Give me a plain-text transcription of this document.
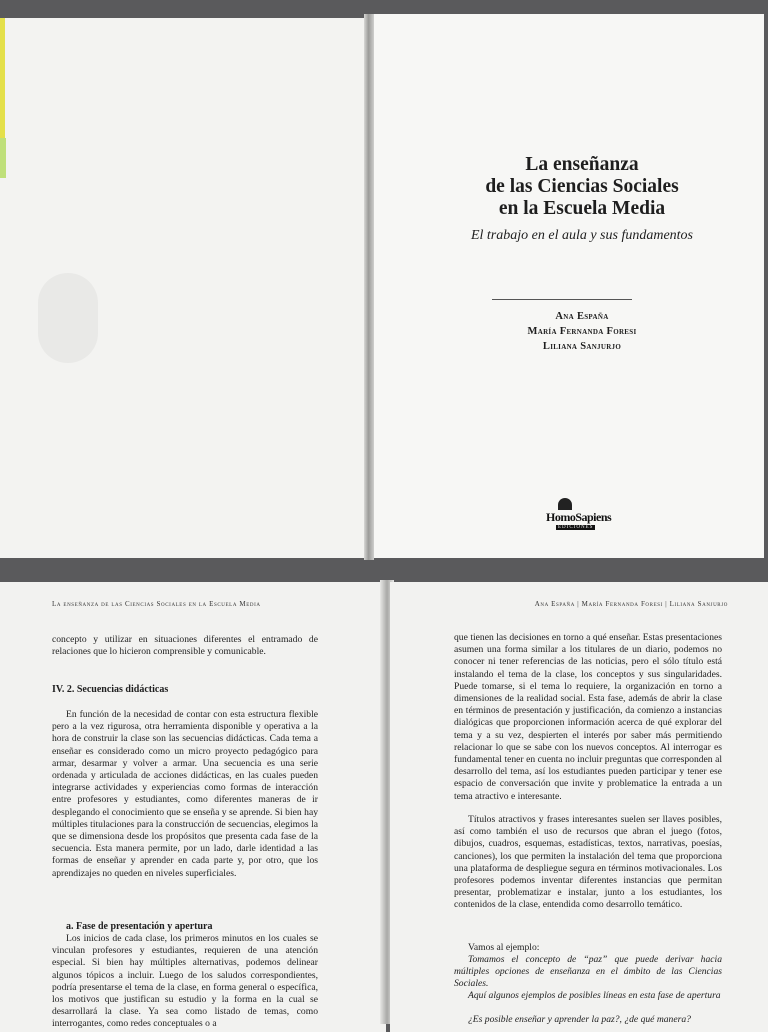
La enseñanza
de las Ciencias Sociales
en la Escuela Media

El trabajo en el aula y sus fundamentos

Ana España
María Fernanda Foresi
Liliana Sanjurjo
HomoSapiens
EDICIONES

La enseñanza de las Ciencias Sociales en la Escuela Media

concepto y utilizar en situaciones diferentes el entramado de relaciones que lo hicieron comprensible y comunicable.

IV. 2. Secuencias didácticas

En función de la necesidad de contar con esta estructura flexible pero a la vez rigurosa, otra herramienta disponible y operativa a la hora de construir la clase son las secuencias didácticas. Cada tema a enseñar es considerado como un micro proyecto pedagógico para armar, desarmar y volver a armar. Una secuencia es una serie ordenada y articulada de acciones didácticas, en las cuales pueden integrarse actividades y experiencias como formas de interacción entre profesores y estudiantes, como diferentes maneras de ir desplegando el conocimiento que se enseña y se aprende. Si bien hay múltiples titulaciones para la construcción de secuencias, elegimos la que se dimensiona desde los propósitos que presenta cada fase de la secuencia. Esta manera permite, por un lado, darle identidad a las formas de enseñar y aprender en cada parte y, por otro, que los aprendizajes no queden en niveles superficiales.

a. Fase de presentación y apertura

Los inicios de cada clase, los primeros minutos en los cuales se vinculan profesores y estudiantes, requieren de una atención especial. Si bien hay múltiples alternativas, podemos delinear algunos tópicos a incluir. Luego de los saludos correspondientes, podría presentarse el tema de la clase, en forma general o específica, los motivos que justifican su estudio y la forma en la cual se desarrollará la clase. Ya sea como listado de temas, como interrogantes, como redes conceptuales o a

Ana España | María Fernanda Foresi | Liliana Sanjurjo

que tienen las decisiones en torno a qué enseñar. Estas presentaciones asumen una forma similar a los titulares de un diario, podemos no conocer ni tener referencias de las noticias, pero el sólo título está instalando el tema de la clase, los conceptos y sus singularidades. Puede tomarse, si el tema lo requiere, la organización en torno a dimensiones de la realidad social. Esta fase, además de abrir la clase en términos de presentación y justificación, da comienzo a instancias dialógicas que proporcionen información acerca de qué explorar del tema y a su vez, despierten el interés por saber más permitiendo relacionar lo que se sabe con los nuevos conceptos. Al interrogar es fundamental tener en cuenta no incluir preguntas que corresponden al desarrollo del tema, así los estudiantes pueden participar y tener ese espacio de conversación que invite y problematice la entrada a un tema atractivo e interesante.

Títulos atractivos y frases interesantes suelen ser llaves posibles, así como también el uso de recursos que abran el juego (fotos, dibujos, cuadros, esquemas, estadísticas, textos, narrativas, poesías, canciones), los que permiten la instalación del tema que proporciona una plataforma de despliegue segura en términos motivacionales. Los profesores podemos inventar diferentes instancias que permitan presentar, problematizar e instalar, junto a los estudiantes, los contenidos de la clase, entendida como desarrollo temático.

Vamos al ejemplo:

Tomamos el concepto de “paz” que puede derivar hacia múltiples opciones de enseñanza en el ámbito de las Ciencias Sociales.

Aquí algunos ejemplos de posibles líneas en esta fase de apertura

¿Es posible enseñar y aprender la paz?, ¿de qué manera?
